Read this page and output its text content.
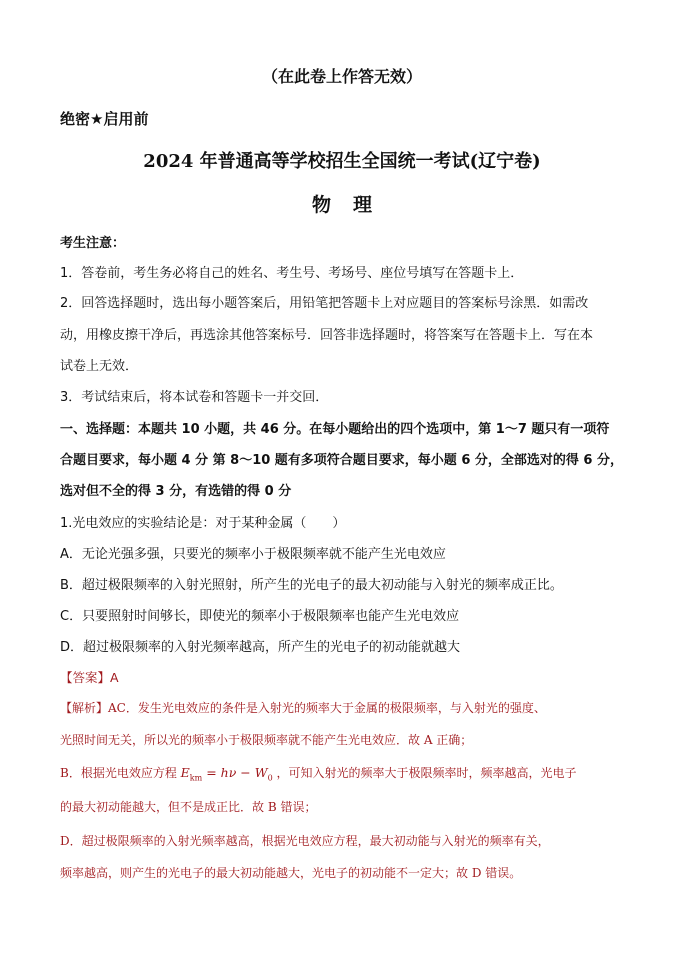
（在此卷上作答无效）
绝密★启用前
2024 年普通高等学校招生全国统一考试(辽宁卷)
物理
考生注意：
1．答卷前，考生务必将自己的姓名、考生号、考场号、座位号填写在答题卡上．
2．回答选择题时，选出每小题答案后，用铅笔把答题卡上对应题目的答案标号涂黑．如需改
动，用橡皮擦干净后，再选涂其他答案标号．回答非选择题时，将答案写在答题卡上．写在本
试卷上无效．
3．考试结束后，将本试卷和答题卡一并交回．
一、选择题：本题共 10 小题，共 46 分。在每小题给出的四个选项中，第 1～7 题只有一项符
合题目要求，每小题 4 分 第 8～10 题有多项符合题目要求，每小题 6 分，全部选对的得 6 分，
选对但不全的得 3 分，有选错的得 0 分
1.光电效应的实验结论是：对于某种金属（　　）
A．无论光强多强，只要光的频率小于极限频率就不能产生光电效应
B．超过极限频率的入射光照射，所产生的光电子的最大初动能与入射光的频率成正比。
C．只要照射时间够长，即使光的频率小于极限频率也能产生光电效应
D．超过极限频率的入射光频率越高，所产生的光电子的初动能就越大
【答案】A
【解析】AC．发生光电效应的条件是入射光的频率大于金属的极限频率，与入射光的强度、
光照时间无关，所以光的频率小于极限频率就不能产生光电效应．故 A 正确；
B．根据光电效应方程 $E_{km} = h\nu - W_0$ ，可知入射光的频率大于极限频率时，频率越高，光电子
的最大初动能越大，但不是成正比．故 B 错误；
D．超过极限频率的入射光频率越高，根据光电效应方程，最大初动能与入射光的频率有关，
频率越高，则产生的光电子的最大初动能越大，光电子的初动能不一定大；故 D 错误。
